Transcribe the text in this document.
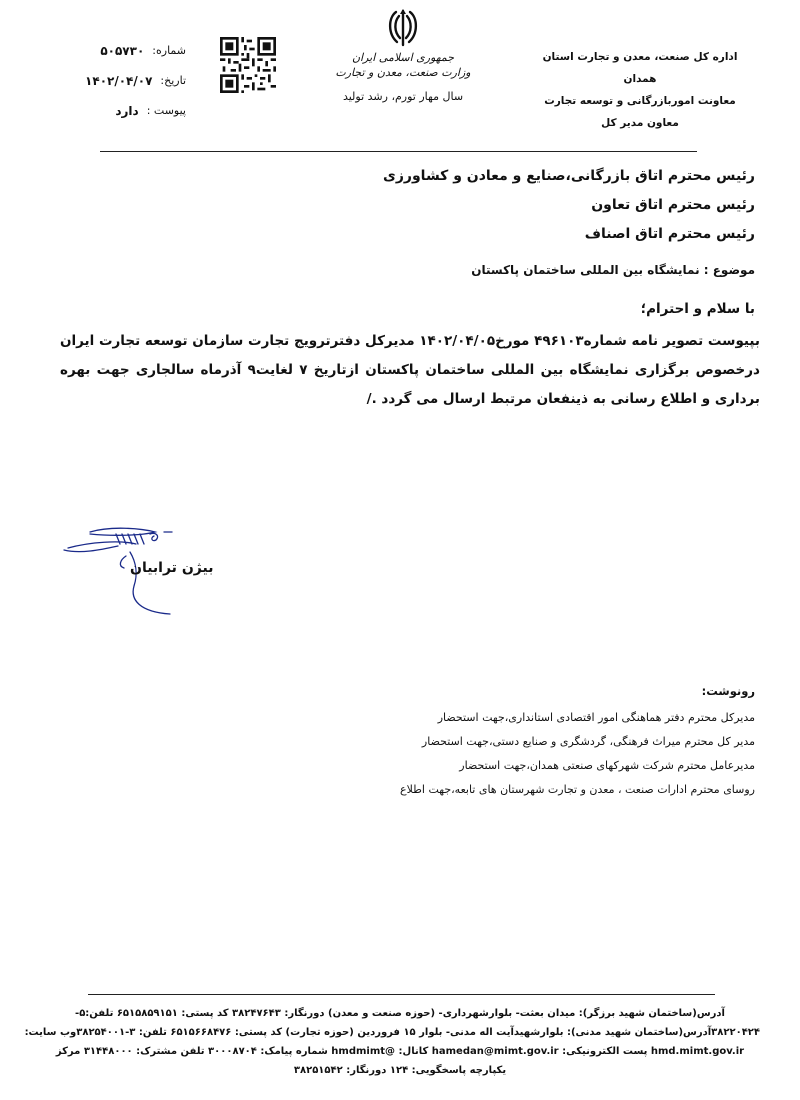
اداره کل صنعت، معدن و تجارت استان همدان
معاونت اموربازرگانی و توسعه تجارت
معاون مدیر کل
جمهوری اسلامی ایران
وزارت صنعت، معدن و تجارت
سال مهار تورم، رشد تولید
شماره:
۵۰۵۷۳۰
تاریخ:
۱۴۰۲/۰۴/۰۷
پیوست :
دارد
رئیس محترم اتاق بازرگانی،صنایع و معادن و کشاورزی
رئیس محترم اتاق تعاون
رئیس محترم اتاق اصناف
موضوع : نمایشگاه بین المللی ساختمان پاکستان
با سلام و احترام؛
بپیوست تصویر نامه شماره۴۹۶۱۰۳ مورخ۱۴۰۲/۰۴/۰۵ مدیرکل دفترترویج تجارت سازمان توسعه تجارت ایران درخصوص برگزاری نمایشگاه بین المللی ساختمان پاکستان ازتاریخ ۷ لغایت۹ آذرماه سالجاری جهت بهره برداری و اطلاع رسانی به ذینفعان مرتبط ارسال می گردد ./
بیژن ترابیان
رونوشت:
مدیرکل محترم دفتر هماهنگی امور اقتصادی استانداری،جهت استحضار
مدیر کل محترم میراث فرهنگی، گردشگری و صنایع دستی،جهت استحضار
مدیرعامل محترم شرکت شهرکهای صنعتی همدان،جهت استحضار
روسای محترم ادارات صنعت ، معدن و تجارت شهرستان های تابعه،جهت اطلاع
آدرس(ساختمان شهید برزگر): میدان بعثت- بلوارشهرداری- (حوزه صنعت و معدن) دورنگار: ۳۸۲۴۷۶۴۳ کد پستی: ۶۵۱۵۸۵۹۱۵۱ تلفن:۵-
۳۸۲۲۰۴۲۴آدرس(ساختمان شهید مدنی): بلوارشهیدآیت اله مدنی- بلوار ۱۵ فروردین (حوزه تجارت) کد پستی: ۶۵۱۵۶۶۸۴۷۶ تلفن: ۳-۳۸۲۵۴۰۰۱وب سایت:
hmd.mimt.gov.ir پست الکترونیکی: hamedan@mimt.gov.ir کانال: @hmdmimt شماره پیامک: ۳۰۰۰۸۷۰۴ تلفن مشترک: ۳۱۴۴۸۰۰۰ مرکز
یکپارچه پاسخگویی: ۱۲۴ دورنگار: ۳۸۲۵۱۵۴۲
